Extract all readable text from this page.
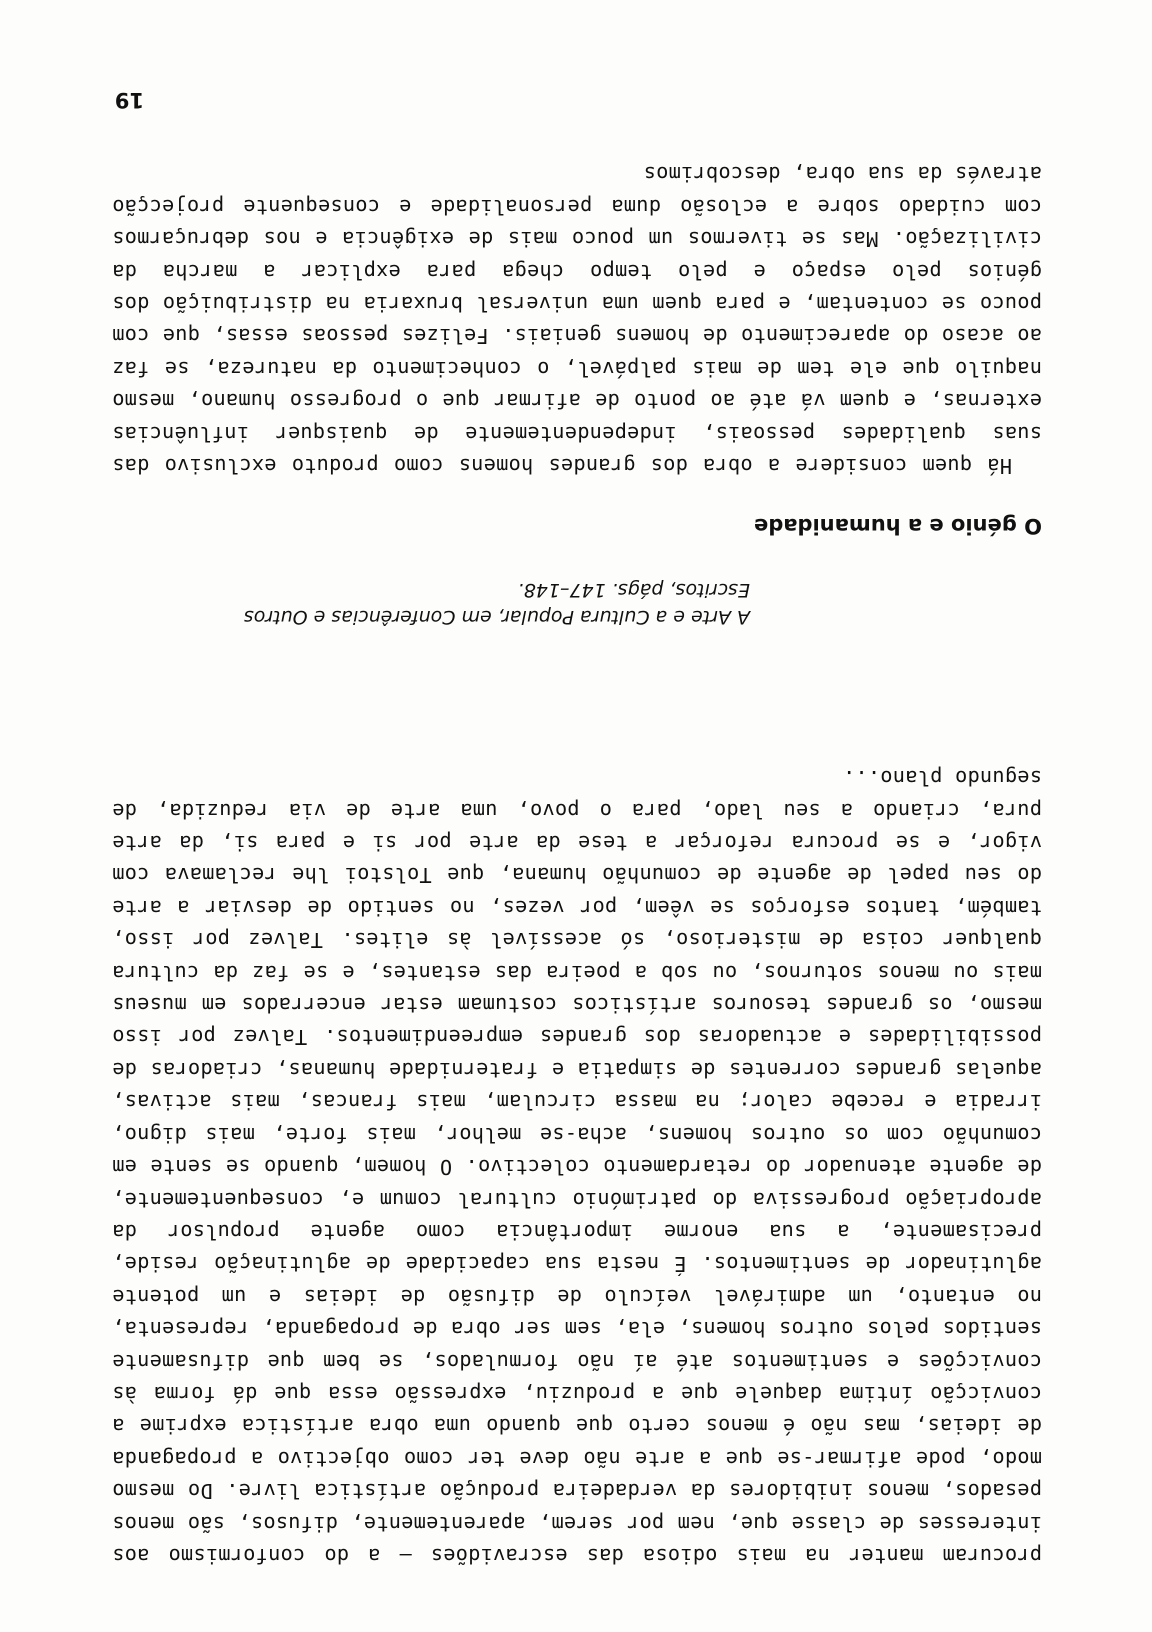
procuram manter na mais odiosa das escravidões — a do conformismo aos interesses de classe que, nem por serem, aparentemente, difusos, são menos pesados, menos inibidores da verdadeira produção artística livre. Do mesmo modo, pode afirmar-se que a arte não deve ter como objectivo a propaganda de ideias, mas não é menos certo que quando uma obra artística exprime a convicção íntima daquele que a produziu, expressão essa que dá forma às convicções e sentimentos até aí não formulados, se bem que difusamente sentidos pelos outros homens, ela, sem ser obra de propaganda, representa, no entanto, um admirável veículo de difusão de ideias e um potente aglutinador de sentimentos. É nesta sua capacidade de aglutinação reside, precisamente, a sua enorme importância como agente propulsor da apropriação progressiva do património cultural comum e, consequentemente, de agente atenuador do retardamento colectivo. O homem, quando se sente em comunhão com os outros homens, acha-se melhor, mais forte, mais digno, irradia e recebe calor; na massa circulam, mais francas, mais activas, aquelas grandes correntes de simpatia e fraternidade humanas, criadoras de possibilidades e actuadoras dos grandes empreendimentos. Talvez por isso mesmo, os grandes tesouros artísticos costumam estar encerrados em museus mais ou menos soturnos, ou sob a poeira das estantes, e se faz da cultura qualquer coisa de misterioso, só acessível às elites. Talvez por isso, também, tantos esforços se vêem, por vezes, no sentido de desviar a arte do seu papel de agente de comunhão humana, que Tolstoi lhe reclamava com vigor, e se procura reforçar a tese da arte por si e para si, da arte pura, criando a seu lado, para o povo, uma arte de via reduzida, de segundo plano...

A Arte e a Cultura Popular, em Conferências e Outros
Escritos, págs. 147–148.
O génio e a humanidade

Há quem considere a obra dos grandes homens como produto exclusivo das suas qualidades pessoais, independentemente de quaisquer influências externas, e quem vá até ao ponto de afirmar que o progresso humano, mesmo naquilo que ele tem de mais palpável, o conhecimento da natureza, se faz ao acaso do aparecimento de homens geniais. Felizes pessoas essas, que com pouco se contentam, e para quem uma universal bruxaria na distribuição dos génios pelo espaço e pelo tempo chega para explicar a marcha da civilização. Mas se tivermos um pouco mais de exigência e nos debruçarmos com cuidado sobre a eclosão duma personalidade e consequente projecção através da sua obra, descobrimos

19
